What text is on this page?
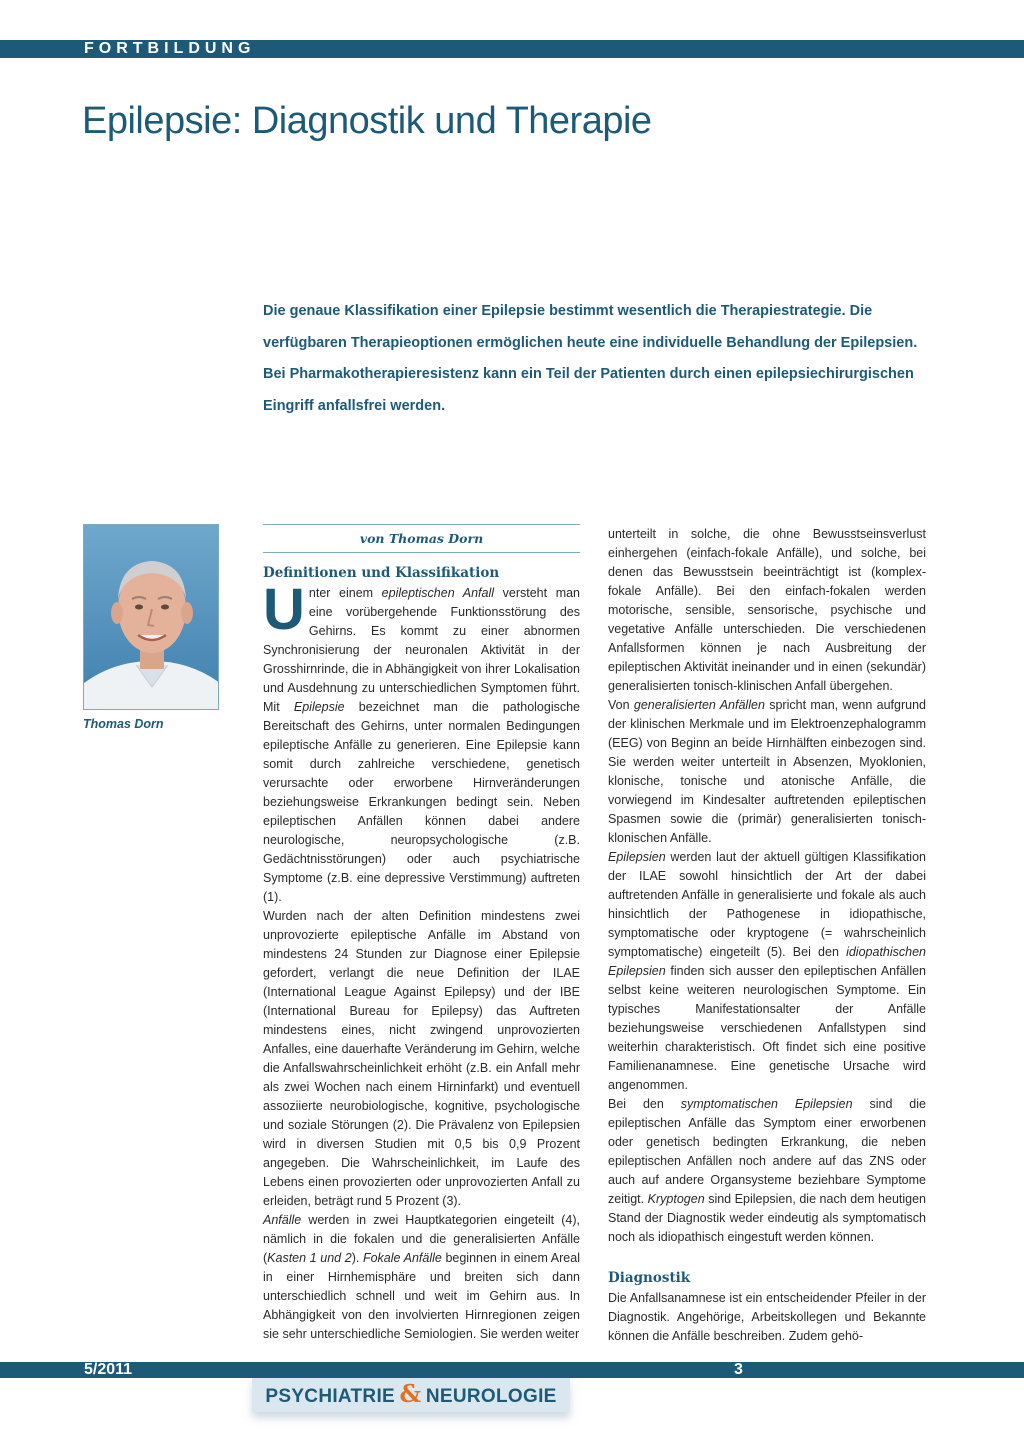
FORTBILDUNG
Epilepsie: Diagnostik und Therapie

Die genaue Klassifikation einer Epilepsie bestimmt wesentlich die Therapiestrategie. Die verfügbaren Therapieoptionen ermöglichen heute eine individuelle Behandlung der Epilepsien. Bei Pharmakotherapieresistenz kann ein Teil der Patienten durch einen epilepsiechirurgischen Eingriff anfallsfrei werden.

Thomas Dorn

von Thomas Dorn

Definitionen und Klassifikation

Unter einem epileptischen Anfall versteht man eine vorübergehende Funktionsstörung des Gehirns. Es kommt zu einer abnormen Synchronisierung der neuronalen Aktivität in der Grosshirnrinde, die in Abhängigkeit von ihrer Lokalisation und Ausdehnung zu unterschiedlichen Symptomen führt. Mit Epilepsie bezeichnet man die pathologische Bereitschaft des Gehirns, unter normalen Bedingungen epileptische Anfälle zu generieren. Eine Epilepsie kann somit durch zahlreiche verschiedene, genetisch verursachte oder erworbene Hirnveränderungen beziehungsweise Erkrankungen bedingt sein. Neben epileptischen Anfällen können dabei andere neurologische, neuropsychologische (z.B. Gedächtnisstörungen) oder auch psychiatrische Symptome (z.B. eine depressive Verstimmung) auftreten (1).

Wurden nach der alten Definition mindestens zwei unprovozierte epileptische Anfälle im Abstand von mindestens 24 Stunden zur Diagnose einer Epilepsie gefordert, verlangt die neue Definition der ILAE (International League Against Epilepsy) und der IBE (International Bureau for Epilepsy) das Auftreten mindestens eines, nicht zwingend unprovozierten Anfalles, eine dauerhafte Veränderung im Gehirn, welche die Anfallswahrscheinlichkeit erhöht (z.B. ein Anfall mehr als zwei Wochen nach einem Hirninfarkt) und eventuell assoziierte neurobiologische, kognitive, psychologische und soziale Störungen (2). Die Prävalenz von Epilepsien wird in diversen Studien mit 0,5 bis 0,9 Prozent angegeben. Die Wahrscheinlichkeit, im Laufe des Lebens einen provozierten oder unprovozierten Anfall zu erleiden, beträgt rund 5 Prozent (3).

Anfälle werden in zwei Hauptkategorien eingeteilt (4), nämlich in die fokalen und die generalisierten Anfälle (Kasten 1 und 2). Fokale Anfälle beginnen in einem Areal in einer Hirnhemisphäre und breiten sich dann unterschiedlich schnell und weit im Gehirn aus. In Abhängigkeit von den involvierten Hirnregionen zeigen sie sehr unterschiedliche Semiologien. Sie werden weiter

unterteilt in solche, die ohne Bewusstseinsverlust einhergehen (einfach-fokale Anfälle), und solche, bei denen das Bewusstsein beeinträchtigt ist (komplex-fokale Anfälle). Bei den einfach-fokalen werden motorische, sensible, sensorische, psychische und vegetative Anfälle unterschieden. Die verschiedenen Anfallsformen können je nach Ausbreitung der epileptischen Aktivität ineinander und in einen (sekundär) generalisierten tonisch-klinischen Anfall übergehen.

Von generalisierten Anfällen spricht man, wenn aufgrund der klinischen Merkmale und im Elektroenzephalogramm (EEG) von Beginn an beide Hirnhälften einbezogen sind. Sie werden weiter unterteilt in Absenzen, Myoklonien, klonische, tonische und atonische Anfälle, die vorwiegend im Kindesalter auftretenden epileptischen Spasmen sowie die (primär) generalisierten tonisch-klonischen Anfälle.

Epilepsien werden laut der aktuell gültigen Klassifikation der ILAE sowohl hinsichtlich der Art der dabei auftretenden Anfälle in generalisierte und fokale als auch hinsichtlich der Pathogenese in idiopathische, symptomatische oder kryptogene (= wahrscheinlich symptomatische) eingeteilt (5). Bei den idiopathischen Epilepsien finden sich ausser den epileptischen Anfällen selbst keine weiteren neurologischen Symptome. Ein typisches Manifestationsalter der Anfälle beziehungsweise verschiedenen Anfallstypen sind weiterhin charakteristisch. Oft findet sich eine positive Familienanamnese. Eine genetische Ursache wird angenommen.

Bei den symptomatischen Epilepsien sind die epileptischen Anfälle das Symptom einer erworbenen oder genetisch bedingten Erkrankung, die neben epileptischen Anfällen noch andere auf das ZNS oder auch auf andere Organsysteme beziehbare Symptome zeitigt. Kryptogen sind Epilepsien, die nach dem heutigen Stand der Diagnostik weder eindeutig als symptomatisch noch als idiopathisch eingestuft werden können.

Diagnostik

Die Anfallsanamnese ist ein entscheidender Pfeiler in der Diagnostik. Angehörige, Arbeitskollegen und Bekannte können die Anfälle beschreiben. Zudem gehö-

5/2011	3
PSYCHIATRIE & NEUROLOGIE
